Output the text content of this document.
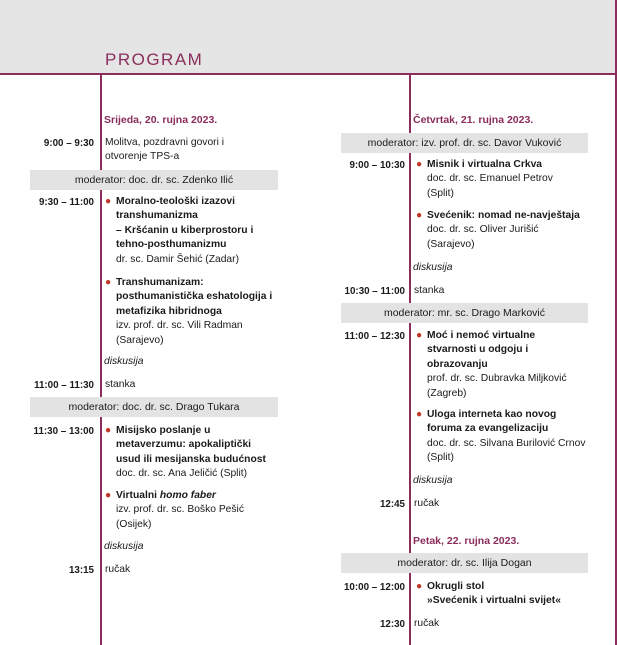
PROGRAM
Srijeda, 20. rujna 2023.
9:00 – 9:30 Molitva, pozdravni govori i
otvorenje TPS-a
moderator: doc. dr. sc. Zdenko Ilić
9:30 – 11:00 ● Moralno-teološki izazovi
transhumanizma
– Kršćanin u kiberprostoru i
tehno-posthumanizmu
dr. sc. Damir Šehić (Zadar)
● Transhumanizam:
posthumanistička eshatologija i
metafizika hibridnoga
izv. prof. dr. sc. Vili Radman
(Sarajevo)
diskusija
11:00 – 11:30 stanka
moderator: doc. dr. sc. Drago Tukara
11:30 – 13:00 ● Misijsko poslanje u
metaverzumu: apokaliptički
usud ili mesijanska budućnost
doc. dr. sc. Ana Jeličić (Split)
● Virtualni homo faber
izv. prof. dr. sc. Boško Pešić
(Osijek)
diskusija
13:15 ručak
Četvrtak, 21. rujna 2023.
moderator: izv. prof. dr. sc. Davor Vuković
9:00 – 10:30 ● Misnik i virtualna Crkva
doc. dr. sc. Emanuel Petrov
(Split)
● Svećenik: nomad ne-navještaja
doc. dr. sc. Oliver Jurišić
(Sarajevo)
diskusija
10:30 – 11:00 stanka
moderator: mr. sc. Drago Marković
11:00 – 12:30 ● Moć i nemoć virtualne
stvarnosti u odgoju i
obrazovanju
prof. dr. sc. Dubravka Miljković
(Zagreb)
● Uloga interneta kao novog
foruma za evangelizaciju
doc. dr. sc. Silvana Burilović Crnov
(Split)
diskusija
12:45 ručak
Petak, 22. rujna 2023.
moderator: dr. sc. Ilija Dogan
10:00 – 12:00 ● Okrugli stol
»Svećenik i virtualni svijet«
12:30 ručak
